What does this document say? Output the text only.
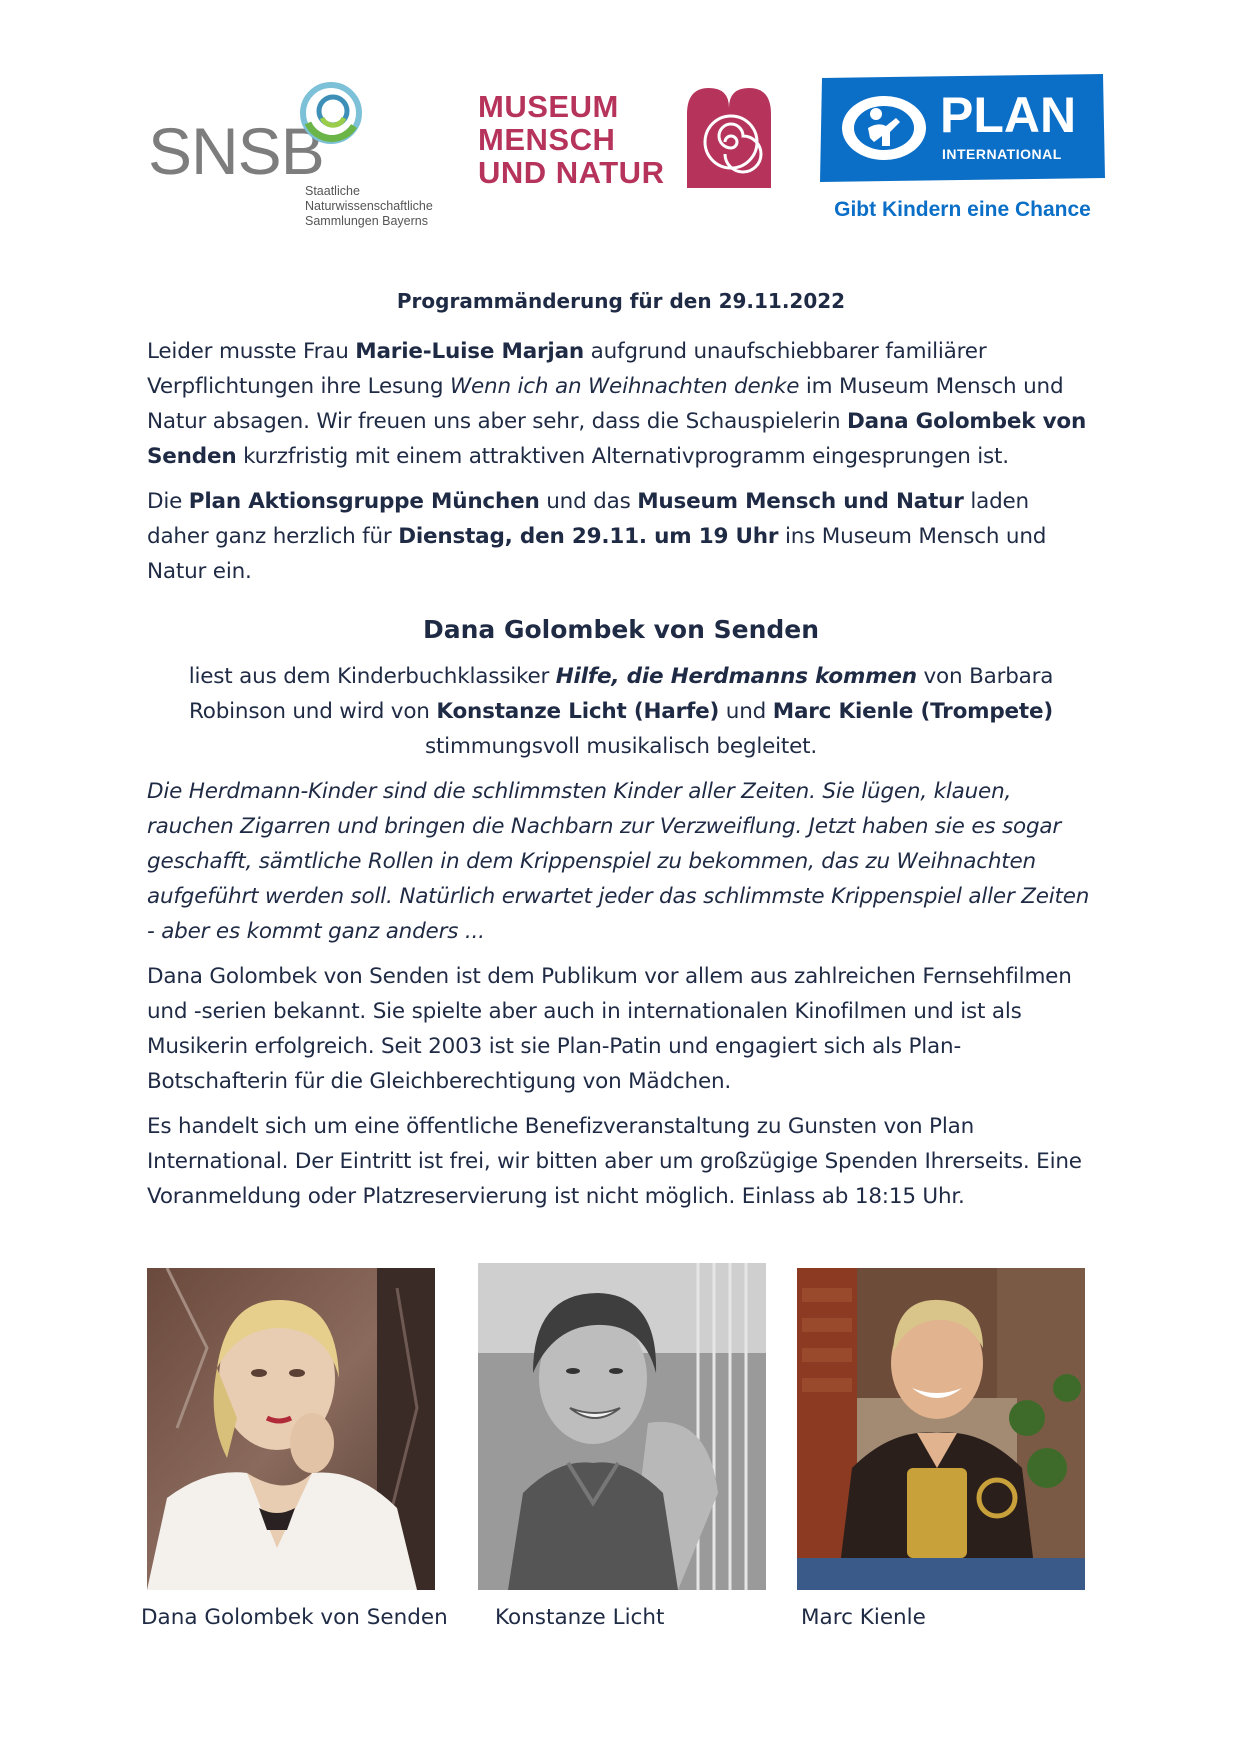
SNSB
Staatliche
Naturwissenschaftliche
Sammlungen Bayerns
MUSEUM
MENSCH
UND NATUR
PLAN
INTERNATIONAL
Gibt Kindern eine Chance
Programmänderung für den 29.11.2022

Leider musste Frau Marie-Luise Marjan aufgrund unaufschiebbarer familiärer Verpflichtungen ihre Lesung Wenn ich an Weihnachten denke im Museum Mensch und Natur absagen. Wir freuen uns aber sehr, dass die Schauspielerin Dana Golombek von Senden kurzfristig mit einem attraktiven Alternativprogramm eingesprungen ist.

Die Plan Aktionsgruppe München und das Museum Mensch und Natur laden daher ganz herzlich für Dienstag, den 29.11. um 19 Uhr ins Museum Mensch und Natur ein.

Dana Golombek von Senden

liest aus dem Kinderbuchklassiker Hilfe, die Herdmanns kommen von Barbara Robinson und wird von Konstanze Licht (Harfe) und Marc Kienle (Trompete) stimmungsvoll musikalisch begleitet.

Die Herdmann-Kinder sind die schlimmsten Kinder aller Zeiten. Sie lügen, klauen, rauchen Zigarren und bringen die Nachbarn zur Verzweiflung. Jetzt haben sie es sogar geschafft, sämtliche Rollen in dem Krippenspiel zu bekommen, das zu Weihnachten aufgeführt werden soll. Natürlich erwartet jeder das schlimmste Krippenspiel aller Zeiten - aber es kommt ganz anders ...

Dana Golombek von Senden ist dem Publikum vor allem aus zahlreichen Fernsehfilmen und -serien bekannt. Sie spielte aber auch in internationalen Kinofilmen und ist als Musikerin erfolgreich. Seit 2003 ist sie Plan-Patin und engagiert sich als Plan-Botschafterin für die Gleichberechtigung von Mädchen.

Es handelt sich um eine öffentliche Benefizveranstaltung zu Gunsten von Plan International. Der Eintritt ist frei, wir bitten aber um großzügige Spenden Ihrerseits. Eine Voranmeldung oder Platzreservierung ist nicht möglich. Einlass ab 18:15 Uhr.

Dana Golombek von Senden Konstanze Licht	Marc Kienle
